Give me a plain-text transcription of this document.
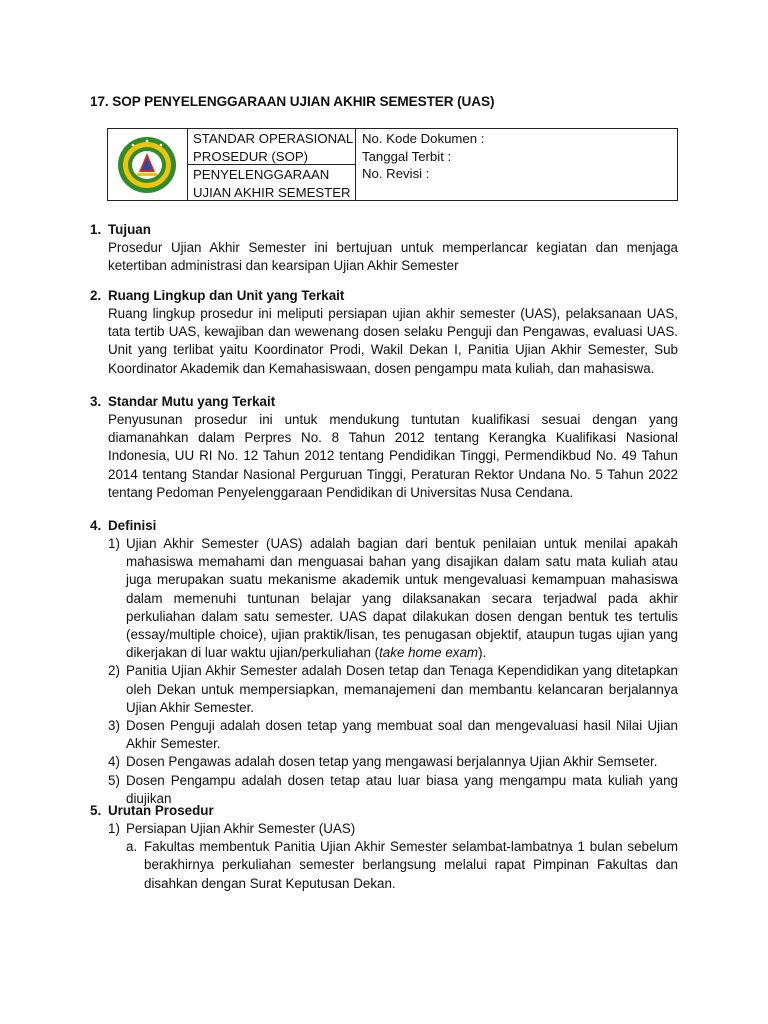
17. SOP PENYELENGGARAAN UJIAN AKHIR SEMESTER (UAS)
STANDAR OPERASIONAL PROSEDUR (SOP)
PENYELENGGARAAN UJIAN AKHIR SEMESTER
No. Kode Dokumen :
Tanggal Terbit :
No. Revisi :
1. Tujuan

Prosedur Ujian Akhir Semester ini bertujuan untuk memperlancar kegiatan dan menjaga ketertiban administrasi dan kearsipan Ujian Akhir Semester

2. Ruang Lingkup dan Unit yang Terkait

Ruang lingkup prosedur ini meliputi persiapan ujian akhir semester (UAS), pelaksanaan UAS, tata tertib UAS, kewajiban dan wewenang dosen selaku Penguji dan Pengawas, evaluasi UAS. Unit yang terlibat yaitu Koordinator Prodi, Wakil Dekan I, Panitia Ujian Akhir Semester, Sub Koordinator Akademik dan Kemahasiswaan, dosen pengampu mata kuliah, dan mahasiswa.

3. Standar Mutu yang Terkait

Penyusunan prosedur ini untuk mendukung tuntutan kualifikasi sesuai dengan yang diamanahkan dalam Perpres No. 8 Tahun 2012 tentang Kerangka Kualifikasi Nasional Indonesia, UU RI No. 12 Tahun 2012 tentang Pendidikan Tinggi, Permendikbud No. 49 Tahun 2014 tentang Standar Nasional Perguruan Tinggi, Peraturan Rektor Undana No. 5 Tahun 2022 tentang Pedoman Penyelenggaraan Pendidikan di Universitas Nusa Cendana.

4. Definisi
1) Ujian Akhir Semester (UAS) adalah bagian dari bentuk penilaian untuk menilai apakah mahasiswa memahami dan menguasai bahan yang disajikan dalam satu mata kuliah atau juga merupakan suatu mekanisme akademik untuk mengevaluasi kemampuan mahasiswa dalam memenuhi tuntunan belajar yang dilaksanakan secara terjadwal pada akhir perkuliahan dalam satu semester. UAS dapat dilakukan dosen dengan bentuk tes tertulis (essay/multiple choice), ujian praktik/lisan, tes penugasan objektif, ataupun tugas ujian yang dikerjakan di luar waktu ujian/perkuliahan (take home exam).
2) Panitia Ujian Akhir Semester adalah Dosen tetap dan Tenaga Kependidikan yang ditetapkan oleh Dekan untuk mempersiapkan, memanajemeni dan membantu kelancaran berjalannya Ujian Akhir Semester.
3) Dosen Penguji adalah dosen tetap yang membuat soal dan mengevaluasi hasil Nilai Ujian Akhir Semester.
4) Dosen Pengawas adalah dosen tetap yang mengawasi berjalannya Ujian Akhir Semseter.
5) Dosen Pengampu adalah dosen tetap atau luar biasa yang mengampu mata kuliah yang diujikan
5. Urutan Prosedur
1) Persiapan Ujian Akhir Semester (UAS)
a. Fakultas membentuk Panitia Ujian Akhir Semester selambat-lambatnya 1 bulan sebelum berakhirnya perkuliahan semester berlangsung melalui rapat Pimpinan Fakultas dan disahkan dengan Surat Keputusan Dekan.
